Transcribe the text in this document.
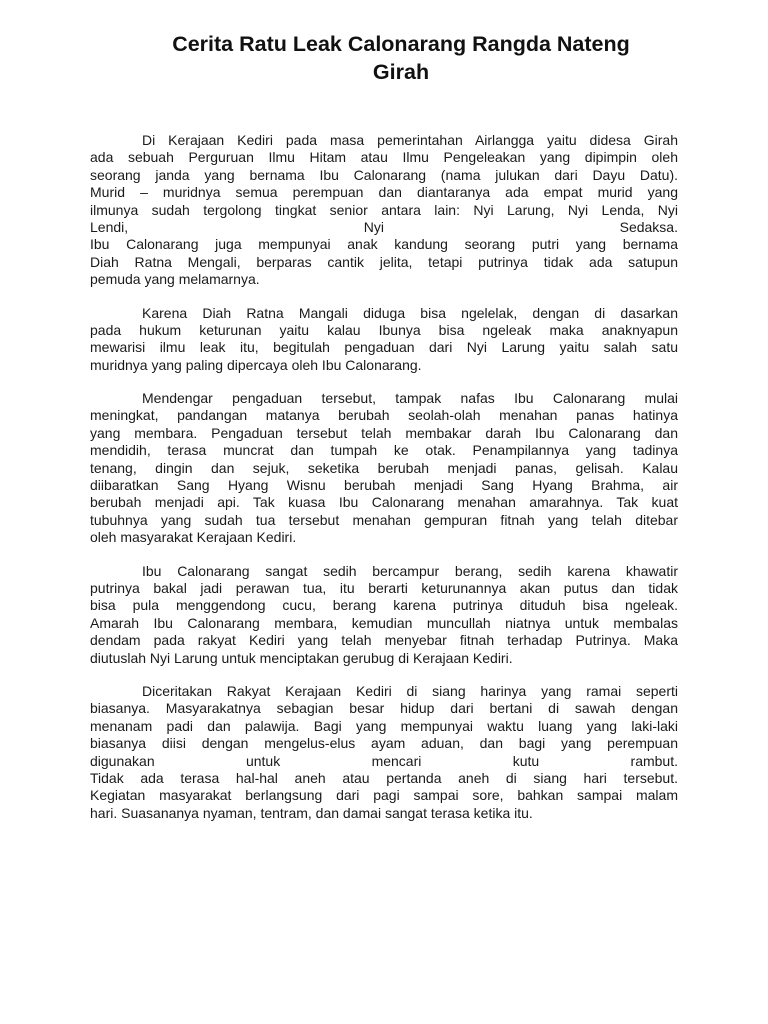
Cerita Ratu Leak Calonarang Rangda Nateng
Girah
Di Kerajaan Kediri pada masa pemerintahan Airlangga yaitu didesa Girah
ada sebuah Perguruan Ilmu Hitam atau Ilmu Pengeleakan yang dipimpin oleh
seorang janda yang bernama Ibu Calonarang (nama julukan dari Dayu Datu).
Murid – muridnya semua perempuan dan diantaranya ada empat murid yang
ilmunya sudah tergolong tingkat senior antara lain: Nyi Larung, Nyi Lenda, Nyi
Lendi, Nyi Sedaksa.
Ibu Calonarang juga mempunyai anak kandung seorang putri yang bernama
Diah Ratna Mengali, berparas cantik jelita, tetapi putrinya tidak ada satupun
pemuda yang melamarnya.
Karena Diah Ratna Mangali diduga bisa ngelelak, dengan di dasarkan
pada hukum keturunan yaitu kalau Ibunya bisa ngeleak maka anaknyapun
mewarisi ilmu leak itu, begitulah pengaduan dari Nyi Larung yaitu salah satu
muridnya yang paling dipercaya oleh Ibu Calonarang.
Mendengar pengaduan tersebut, tampak nafas Ibu Calonarang mulai
meningkat, pandangan matanya berubah seolah-olah menahan panas hatinya
yang membara. Pengaduan tersebut telah membakar darah Ibu Calonarang dan
mendidih, terasa muncrat dan tumpah ke otak. Penampilannya yang tadinya
tenang, dingin dan sejuk, seketika berubah menjadi panas, gelisah. Kalau
diibaratkan Sang Hyang Wisnu berubah menjadi Sang Hyang Brahma, air
berubah menjadi api. Tak kuasa Ibu Calonarang menahan amarahnya. Tak kuat
tubuhnya yang sudah tua tersebut menahan gempuran fitnah yang telah ditebar
oleh masyarakat Kerajaan Kediri.
Ibu Calonarang sangat sedih bercampur berang, sedih karena khawatir
putrinya bakal jadi perawan tua, itu berarti keturunannya akan putus dan tidak
bisa pula menggendong cucu, berang karena putrinya dituduh bisa ngeleak.
Amarah Ibu Calonarang membara, kemudian muncullah niatnya untuk membalas
dendam pada rakyat Kediri yang telah menyebar fitnah terhadap Putrinya. Maka
diutuslah Nyi Larung untuk menciptakan gerubug di Kerajaan Kediri.
Diceritakan Rakyat Kerajaan Kediri di siang harinya yang ramai seperti
biasanya. Masyarakatnya sebagian besar hidup dari bertani di sawah dengan
menanam padi dan palawija. Bagi yang mempunyai waktu luang yang laki-laki
biasanya diisi dengan mengelus-elus ayam aduan, dan bagi yang perempuan
digunakan untuk mencari kutu rambut.
Tidak ada terasa hal-hal aneh atau pertanda aneh di siang hari tersebut.
Kegiatan masyarakat berlangsung dari pagi sampai sore, bahkan sampai malam
hari. Suasananya nyaman, tentram, dan damai sangat terasa ketika itu.
